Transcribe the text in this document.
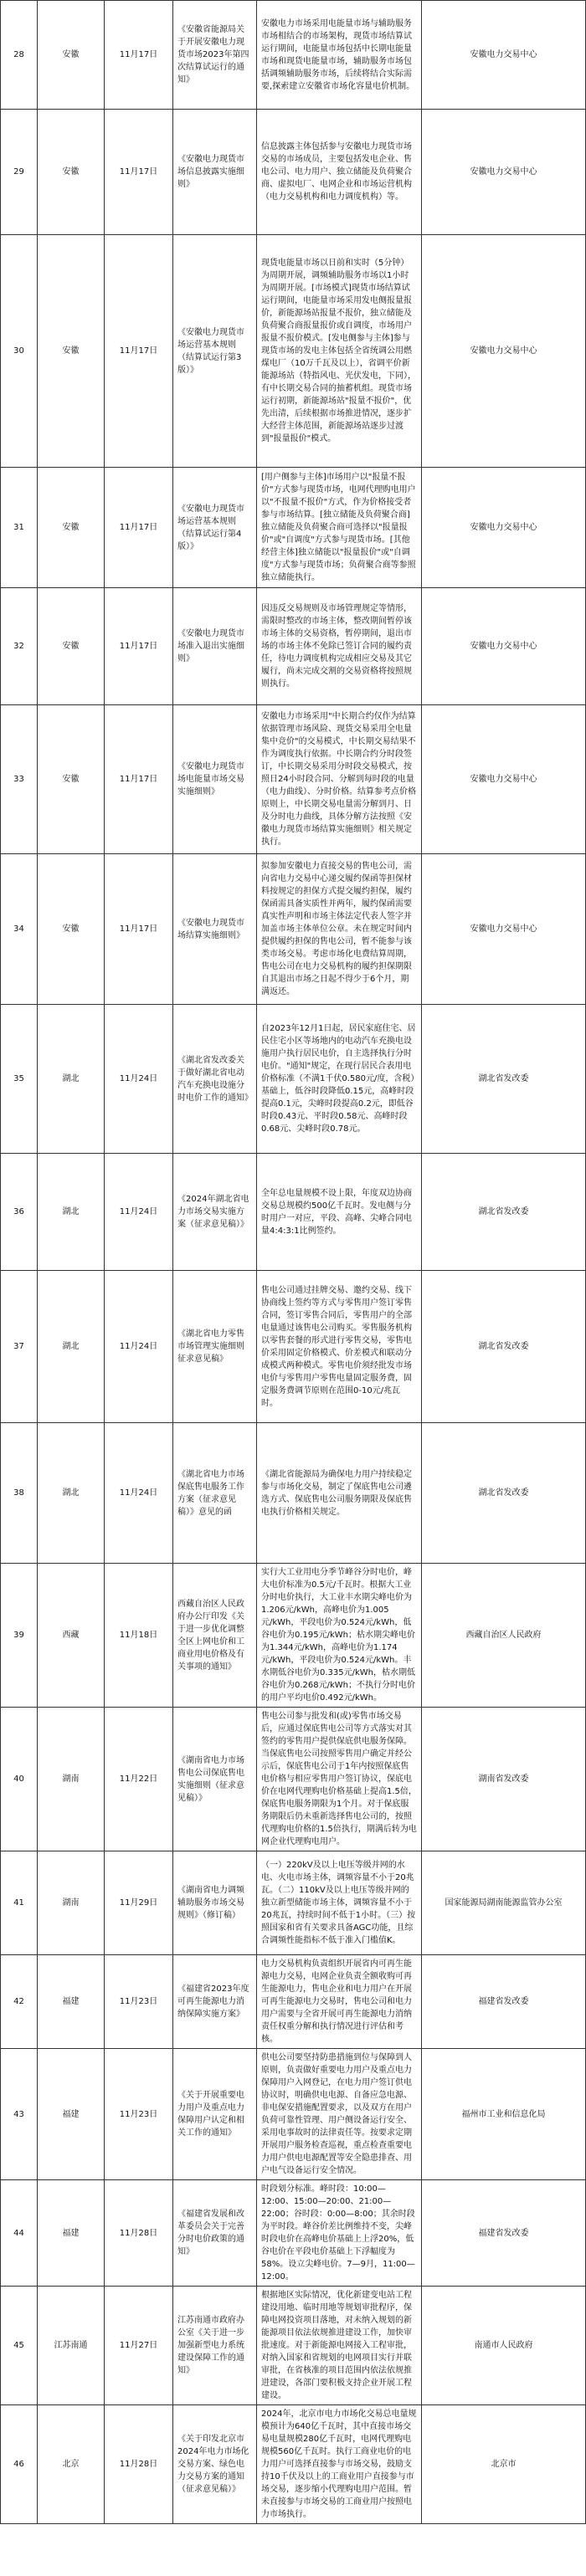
28	安徽	11月17日	《安徽省能源局关于开展安徽电力现货市场2023年第四次结算试运行的通知》	安徽电力市场采用电能量市场与辅助服务市场相结合的市场架构，现货市场结算试运行期间，电能量市场包括中长期电能量市场和现货电能量市场，辅助服务市场包括调频辅助服务市场，后续将结合实际需要,探索建立安徽省市场化容量电价机制。	安徽电力交易中心
29	安徽	11月17日	《安徽电力现货市场信息披露实施细则》	信息披露主体包括参与安徽电力现货市场交易的市场成员，主要包括发电企业、售电公司、电力用户、独立储能及负荷聚合商、虚拟电厂、电网企业和市场运营机构（电力交易机构和电力调度机构）等。	安徽电力交易中心
30	安徽	11月17日	《安徽电力现货市场运营基本规则（结算试运行第3版）》	现货电能量市场以日前和实时（5分钟）为周期开展，调频辅助服务市场以1小时为周期开展。[市场模式]现货市场结算试运行期间，电能量市场采用发电侧报量报价，新能源场站报量不报价，独立储能及负荷聚合商报量报价或自调度，市场用户报量不报价模式。[发电侧参与主体]参与现货市场的发电主体包括全省统调公用燃煤电厂（10万千瓦及以上），省调平价新能源场站（特指风电、光伏发电，下同），有中长期交易合同的抽蓄机组。现货市场运行初期，新能源场站"报量不报价"，优先出清，后续根据市场推进情况，逐步扩大经营主体范围，新能源场站逐步过渡到"报量报价"模式。	安徽电力交易中心
31	安徽	11月17日	《安徽电力现货市场运营基本规则（结算试运行第4版）》	[用户侧参与主体]市场用户以"报量不报价"方式参与现货市场，电网代理购电用户以"不报量不报价"方式，作为价格接受者参与市场结算。[独立储能及负荷聚合商]独立储能及负荷聚合商可选择以"报量报价"或"自调度"方式参与现货市场。[其他经营主体]独立储能以"报量报价"或"自调度"方式参与现货市场；负荷聚合商等参照独立储能执行。	安徽电力交易中心
32	安徽	11月17日	《安徽电力现货市场准入退出实施细则》	因违反交易规则及市场管理规定等情形，需限时整改的市场主体，整改期间暂停该市场主体的交易资格，暂停期间，退出市场的市场主体不免除已签订合同的履约责任，待电力调度机构完成相应交易及其它履行，尚未完成交割的交易资格将按照规则执行。	安徽电力交易中心
33	安徽	11月17日	《安徽电力现货市场电能量市场交易实施细则》	安徽电力市场采用"中长期合约仅作为结算依据管理市场风险、现货交易采用全电量集中竞价"的交易模式，中长期交易结果不作为调度执行依据。中长期合约分时段签订，中长期交易采用分时段交易模式，按照日24小时段合同、分解到每时段的电量（电力曲线）、分时价格。结算参考点价格原则上，中长期交易电量需分解到月、日及分时电力曲线，具体分解方法按照《安徽电力现货市场结算实施细则》相关规定执行。	安徽电力交易中心
34	安徽	11月17日	《安徽电力现货市场结算实施细则》	拟参加安徽电力直接交易的售电公司，需向省电力交易中心递交履约保函等担保材料按规定的担保方式提交履约担保，履约保函需具备实质性并两年，履约保函需要真实性声明和市场主体法定代表人签字并加盖市场主体单位公章。未在规定时间内提供履约担保的售电公司，暂不能参与该类市场交易。考虑市场化电费结算周期，售电公司在电力交易机构的履约担保期限自其退出市场之日起不得少于6个月，期满返还。	安徽电力交易中心
35	湖北	11月24日	《湖北省发改委关于做好湖北省电动汽车充换电设施分时电价工作的通知》	自2023年12月1日起，居民家庭住宅、居民住宅小区等场地内的电动汽车充换电设施用户执行居民电价，自主选择执行分时电价。"通知"规定，在现行居民合表用电价格标准（不满1千伏0.580元/度，含税）基础上，低谷时段降低0.15元，高峰时段提高0.1元，尖峰时段提高0.2元，即低谷时段0.43元、平时段0.58元、高峰时段0.68元、尖峰时段0.78元。	湖北省发改委
36	湖北	11月24日	《2024年湖北省电力市场交易实施方案（征求意见稿）》	全年总电量规模不设上限，年度双边协商交易总规模约500亿千瓦时。发电侧与分时用户一对应，平段、高峰、尖峰合同电量4:4:3:1比例签约。	湖北省发改委
37	湖北	11月24日	《湖北省电力零售市场管理实施细则征求意见稿》	售电公司通过挂牌交易、邀约交易、线下协商线上签约等方式与零售用户签订零售合同，签订零售合同后，零售用户的全部电量通过该售电公司购买。零售服务机构以零售套餐的形式进行零售交易，零售电价采用固定价格模式、价差模式和联动分成模式两种模式。零售电价须经批发市场电价与零售用户零售电量固定服务费，固定服务费调节原则在范围0-10元/兆瓦时。	湖北省发改委
38	湖北	11月24日	《湖北省电力市场保底售电服务工作方案（征求意见稿）》意见的函	《湖北省能源局为确保电力用户持续稳定参与市场化交易，制定了保底售电公司遴选方式、保底售电公司服务期限及保底售电执行价格相关规定。	湖北省发改委
39	西藏	11月18日	西藏自治区人民政府办公厅印发《关于进一步优化调整全区上网电价和工商业用电价格及有关事项的通知》	实行大工业用电分季节峰谷分时电价，峰大电价标准为0.5元/千瓦时。根据大工业分时电价执行，大工业丰水期尖峰电价为1.206元/kWh，高峰电价为1.005元/kWh，平段电价为0.524元/kWh，低谷电价为0.195元/kWh；枯水期尖峰电价为1.344元/kWh，高峰电价为1.174元/kWh，平段电价为0.524元/kWh。丰水期低谷电价为0.335元/kWh，枯水期低谷电价为0.268元/kWh；不执行分时电价的用户平均电价0.492元/kWh。	西藏自治区人民政府
40	湖南	11月22日	《湖南省电力市场售电公司保底售电实施细则（征求意见稿）》	售电公司参与批发和(或)零售市场交易后，应通过保底售电公司等方式落实对其签约的零售用户提供保底供电服务保障。当保底售电公司按照零售用户确定并经公示后，保底售电公司于1年内按照保底售电价格与相应零售用户签订协议，保底电价在电网代理购电价格基础上提高1.5倍，保底售电服务期限为1个月。对于保底服务期限后仍未重新选择售电公司的，按照代理购电价格的1.5倍执行，期满后转为电网企业代理购电用户。	湖南省发改委
41	湖南	11月29日	《湖南省电力调频辅助服务市场交易规则》（修订稿）	（一）220kV及以上电压等级并网的水电、火电市场主体，调频容量不小于20兆瓦。（二）110kV及以上电压等级并网的独立新型储能市场主体，调频容量不小于20兆瓦，持续时间不低于1小时。（三）按照国家和省有关要求具备AGC功能，且综合调频性能指标不低于准入门槛值K。	国家能源局湖南能源监管办公室
42	福建	11月23日	《福建省2023年度可再生能源电力消纳保障实施方案》	电力交易机构负责组织开展省内可再生能源电力交易，电网企业负责全额收购可再生能源电力，售电企业和电力用户在开展可再生能源电力交易时，售电公司和电力用户需要与全省开展可再生能源电力消纳责任权重分解和执行情况进行评估和考核。	福建省发改委
43	福建	11月23日	《关于开展重要电力用户及重点电力保障用户认定和相关工作的通知》	供电公司要坚持防患措施到位与保障到人原则，负责做好重要电力用户及重点电力保障用户入网登记，在电力用户签订供电协议时，明确供电电源、自备应急电源、非电保安措施配置要求，以及双方在用户负荷可靠性管理、用户侧设备运行安全、采用电事故时的法律责任等。按要求定期开展用户服务检查巡视，重点检查重要电力用户供电电源配置等安全隐患排查、用户电气设备运行安全情况。	福州市工业和信息化局
44	福建	11月28日	《福建省发展和改革委员会关于完善分时电价政策的通知》	时段划分标准。峰时段：10:00—12:00、15:00—20:00、21:00—22:00；谷时段：0:00—8:00；其余时段为平时段。峰谷价差比例维持不变，尖峰时段电价在高峰电价基础上上浮20%，低谷电价在平段电价基础上下浮幅度为58%。设立尖峰电价。7—9月，11:00—12:00。	福建省发改委
45	江苏南通	11月27日	江苏南通市政府办公室《关于进一步加强新型电力系统建设保障工作的通知》	根据地区实际情况，优化新建变电站工程建设用地、临时用地等规划审批程序，保障电网投资项目落地，对未纳入规划的新能源项目依法依规推进建设工作，加快审批速度。对于新能源电网接入工程审批，对纳入国家和省规划的电网项目实行并联审批，在省核准的项目范围内依法依规推进建设，各部门要积极支持企业开展工程建设。	南通市人民政府
46	北京	11月28日	《关于印发北京市2024年电力市场化交易方案、绿色电力交易方案的通知（征求意见稿）》	2024年，北京市电力市场化交易总电量规模预计为640亿千瓦时，其中直接市场交易电量规模280亿千瓦时，电网代理购电规模560亿千瓦时。执行工商业电价的电力用户可选择直接参与市场交易，鼓励支持10千伏及以上的工商业用户直接参与市场交易，逐步缩小代理购电用户范围。暂未直接参与市场交易的工商业用户按照电力市场执行。	北京市
